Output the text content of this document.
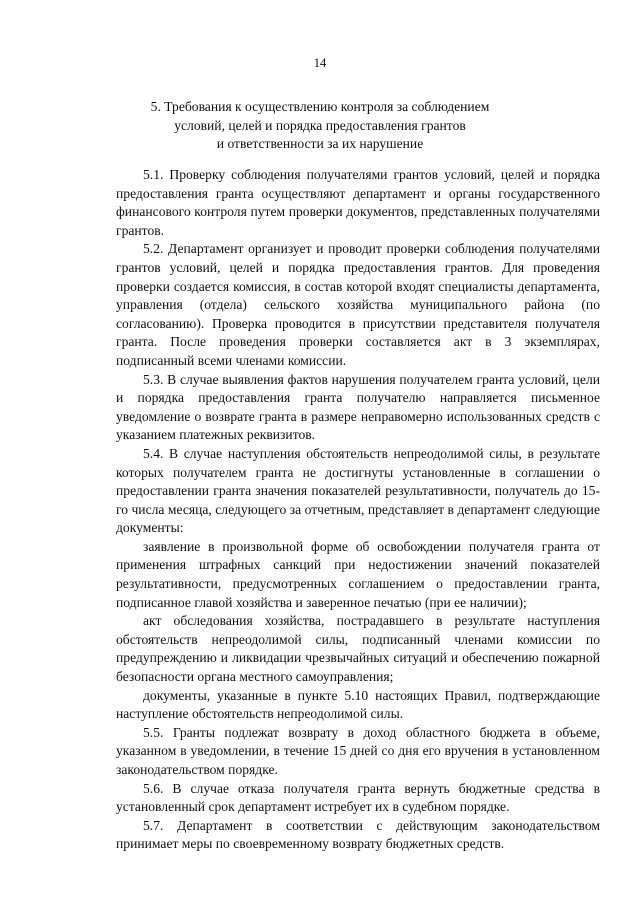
14
5. Требования к осуществлению контроля за соблюдением
условий, целей и порядка предоставления грантов
и ответственности за их нарушение

5.1. Проверку соблюдения получателями грантов условий, целей и порядка предоставления гранта осуществляют департамент и органы государственного финансового контроля путем проверки документов, представленных получателями грантов.

5.2. Департамент организует и проводит проверки соблюдения получателями грантов условий, целей и порядка предоставления грантов. Для проведения проверки создается комиссия, в состав которой входят специалисты департамента, управления (отдела) сельского хозяйства муниципального района (по согласованию). Проверка проводится в присутствии представителя получателя гранта. После проведения проверки составляется акт в 3 экземплярах, подписанный всеми членами комиссии.

5.3. В случае выявления фактов нарушения получателем гранта условий, цели и порядка предоставления гранта получателю направляется письменное уведомление о возврате гранта в размере неправомерно использованных средств с указанием платежных реквизитов.

5.4. В случае наступления обстоятельств непреодолимой силы, в результате которых получателем гранта не достигнуты установленные в соглашении о предоставлении гранта значения показателей результативности, получатель до 15-го числа месяца, следующего за отчетным, представляет в департамент следующие документы:

заявление в произвольной форме об освобождении получателя гранта от применения штрафных санкций при недостижении значений показателей результативности, предусмотренных соглашением о предоставлении гранта, подписанное главой хозяйства и заверенное печатью (при ее наличии);

акт обследования хозяйства, пострадавшего в результате наступления обстоятельств непреодолимой силы, подписанный членами комиссии по предупреждению и ликвидации чрезвычайных ситуаций и обеспечению пожарной безопасности органа местного самоуправления;

документы, указанные в пункте 5.10 настоящих Правил, подтверждающие наступление обстоятельств непреодолимой силы.

5.5. Гранты подлежат возврату в доход областного бюджета в объеме, указанном в уведомлении, в течение 15 дней со дня его вручения в установленном законодательством порядке.

5.6. В случае отказа получателя гранта вернуть бюджетные средства в установленный срок департамент истребует их в судебном порядке.

5.7. Департамент в соответствии с действующим законодательством принимает меры по своевременному возврату бюджетных средств.
